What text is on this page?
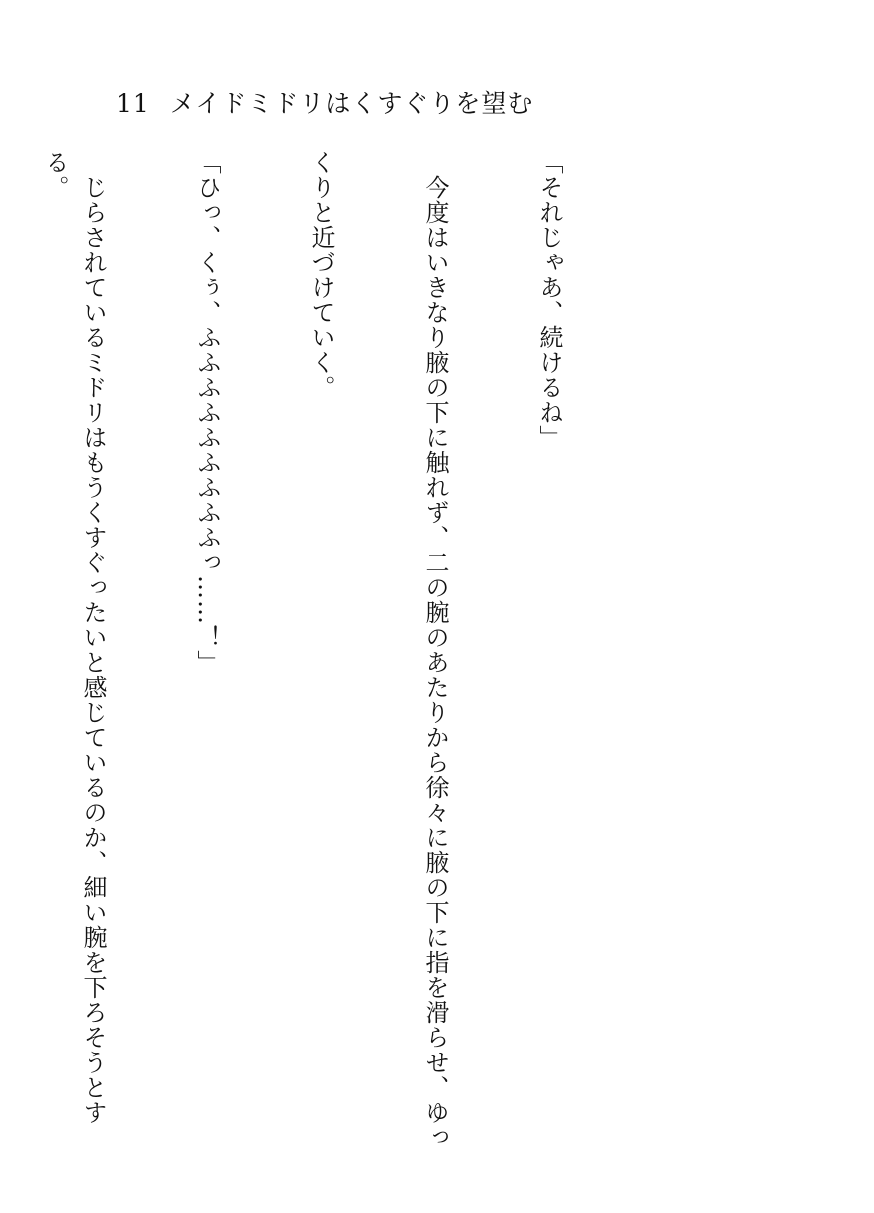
11 メイドミドリはくすぐりを望む

「それじゃあ、続けるね」

　今度はいきなり腋の下に触れず、二の腕のあたりから徐々に腋の下に指を滑らせ、ゆっ

くりと近づけていく。

「ひっ、くぅ、ふふふふふふふふふっ……！」

　じらされているミドリはもうくすぐったいと感じているのか、細い腕を下ろそうとする。
